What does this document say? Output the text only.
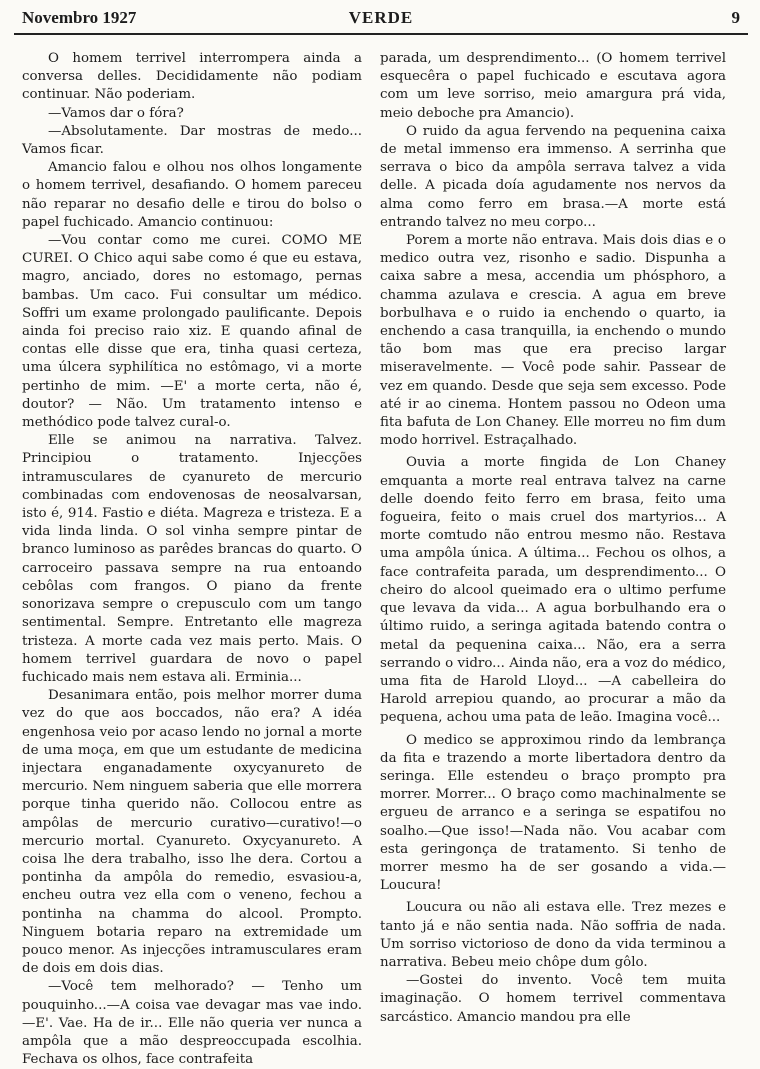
Novembro 1927	VERDE	9

O homem terrivel interrompera ainda a conversa delles. Decididamente não podiam continuar. Não poderiam.

—Vamos dar o fóra?

—Absolutamente. Dar mostras de medo... Vamos ficar.

Amancio falou e olhou nos olhos longamente o homem terrivel, desafiando. O homem pareceu não reparar no desafio delle e tirou do bolso o papel fuchicado. Amancio continuou:

—Vou contar como me curei. COMO ME CUREI. O Chico aqui sabe como é que eu estava, magro, anciado, dores no estomago, pernas bambas. Um caco. Fui consultar um médico. Soffri um exame prolongado paulificante. Depois ainda foi preciso raio xiz. E quando afinal de contas elle disse que era, tinha quasi certeza, uma úlcera syphilítica no estômago, vi a morte pertinho de mim. —E' a morte certa, não é, doutor? — Não. Um tratamento intenso e methódico pode talvez cural-o.

Elle se animou na narrativa. Talvez. Principiou o tratamento. Injecções intramusculares de cyanureto de mercurio combinadas com endovenosas de neosalvarsan, isto é, 914. Fastio e diéta. Magreza e tristeza. E a vida linda linda. O sol vinha sempre pintar de branco luminoso as parêdes brancas do quarto. O carroceiro passava sempre na rua entoando cebôlas com frangos. O piano da frente sonorizava sempre o crepusculo com um tango sentimental. Sempre. Entretanto elle magreza tristeza. A morte cada vez mais perto. Mais. O homem terrivel guardara de novo o papel fuchicado mais nem estava ali. Erminia...

Desanimara então, pois melhor morrer duma vez do que aos boccados, não era? A idéa engenhosa veio por acaso lendo no jornal a morte de uma moça, em que um estudante de medicina injectara enganadamente oxycyanureto de mercurio. Nem ninguem saberia que elle morrera porque tinha querido não. Collocou entre as ampôlas de mercurio curativo—curativo!—o mercurio mortal. Cyanureto. Oxycyanureto. A coisa lhe dera trabalho, isso lhe dera. Cortou a pontinha da ampôla do remedio, esvasiou-a, encheu outra vez ella com o veneno, fechou a pontinha na chamma do alcool. Prompto. Ninguem botaria reparo na extremidade um pouco menor. As injecções intramusculares eram de dois em dois dias.

—Você tem melhorado? — Tenho um pouquinho...—A coisa vae devagar mas vae indo.—E'. Vae. Ha de ir... Elle não queria ver nunca a ampôla que a mão despreoccupada escolhia. Fechava os olhos, face contrafeita

parada, um desprendimento... (O homem terrivel esquecêra o papel fuchicado e escutava agora com um leve sorriso, meio amargura prá vida, meio deboche pra Amancio).

O ruido da agua fervendo na pequenina caixa de metal immenso era immenso. A serrinha que serrava o bico da ampôla serrava talvez a vida delle. A picada doía agudamente nos nervos da alma como ferro em brasa.—A morte está entrando talvez no meu corpo...

Porem a morte não entrava. Mais dois dias e o medico outra vez, risonho e sadio. Dispunha a caixa sabre a mesa, accendia um phósphoro, a chamma azulava e crescia. A agua em breve borbulhava e o ruido ia enchendo o quarto, ia enchendo a casa tranquilla, ia enchendo o mundo tão bom mas que era preciso largar miseravelmente. — Você pode sahir. Passear de vez em quando. Desde que seja sem excesso. Pode até ir ao cinema. Hontem passou no Odeon uma fita bafuta de Lon Chaney. Elle morreu no fim dum modo horrivel. Estraçalhado.

Ouvia a morte fingida de Lon Chaney emquanta a morte real entrava talvez na carne delle doendo feito ferro em brasa, feito uma fogueira, feito o mais cruel dos martyrios... A morte comtudo não entrou mesmo não. Restava uma ampôla única. A última... Fechou os olhos, a face contrafeita parada, um desprendimento... O cheiro do alcool queimado era o ultimo perfume que levava da vida... A agua borbulhando era o último ruido, a seringa agitada batendo contra o metal da pequenina caixa... Não, era a serra serrando o vidro... Ainda não, era a voz do médico, uma fita de Harold Lloyd... —A cabelleira do Harold arrepiou quando, ao procurar a mão da pequena, achou uma pata de leão. Imagina você...

O medico se approximou rindo da lembrança da fita e trazendo a morte libertadora dentro da seringa. Elle estendeu o braço prompto pra morrer. Morrer... O braço como machinalmente se ergueu de arranco e a seringa se espatifou no soalho.—Que isso!—Nada não. Vou acabar com esta geringonça de tratamento. Si tenho de morrer mesmo ha de ser gosando a vida.—Loucura!

Loucura ou não ali estava elle. Trez mezes e tanto já e não sentia nada. Não soffria de nada. Um sorriso victorioso de dono da vida terminou a narrativa. Bebeu meio chôpe dum gôlo.

—Gostei do invento. Você tem muita imaginação. O homem terrivel commentava sarcástico. Amancio mandou pra elle
